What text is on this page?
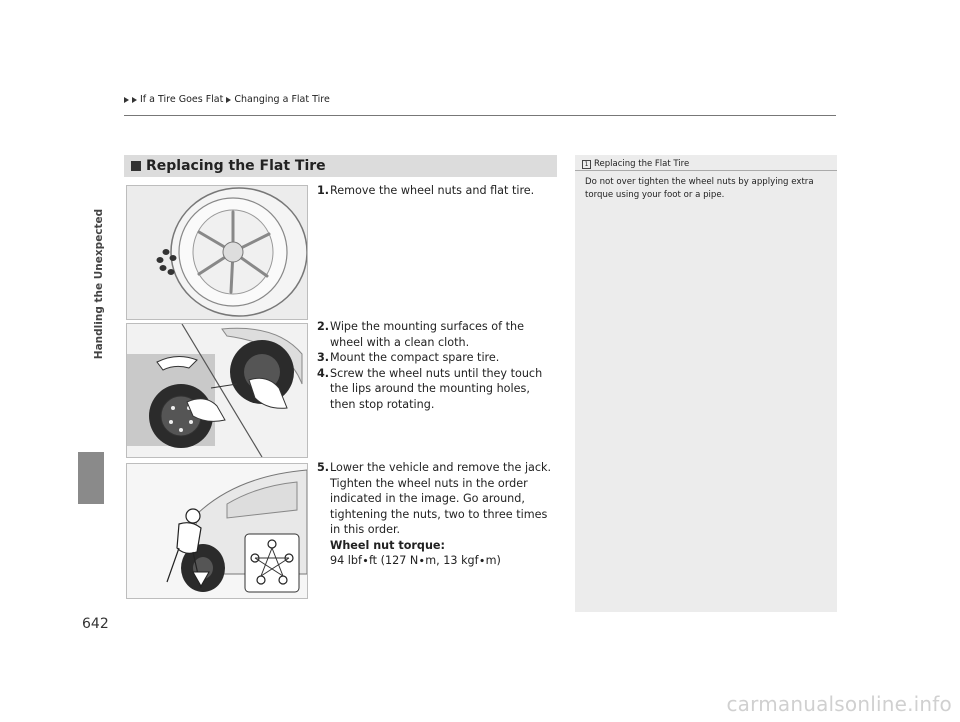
If a Tire Goes Flat Changing a Flat Tire
Handling the Unexpected
642
Replacing the Flat Tire
1. Remove the wheel nuts and flat tire.
2. Wipe the mounting surfaces of the wheel with a clean cloth.
3. Mount the compact spare tire.
4. Screw the wheel nuts until they touch the lips around the mounting holes, then stop rotating.
5. Lower the vehicle and remove the jack. Tighten the wheel nuts in the order indicated in the image. Go around, tightening the nuts, two to three times in this order.
Wheel nut torque:
94 lbf∙ft (127 N∙m, 13 kgf∙m)
1 Replacing the Flat Tire
Do not over tighten the wheel nuts by applying extra torque using your foot or a pipe.
carmanualsonline.info
